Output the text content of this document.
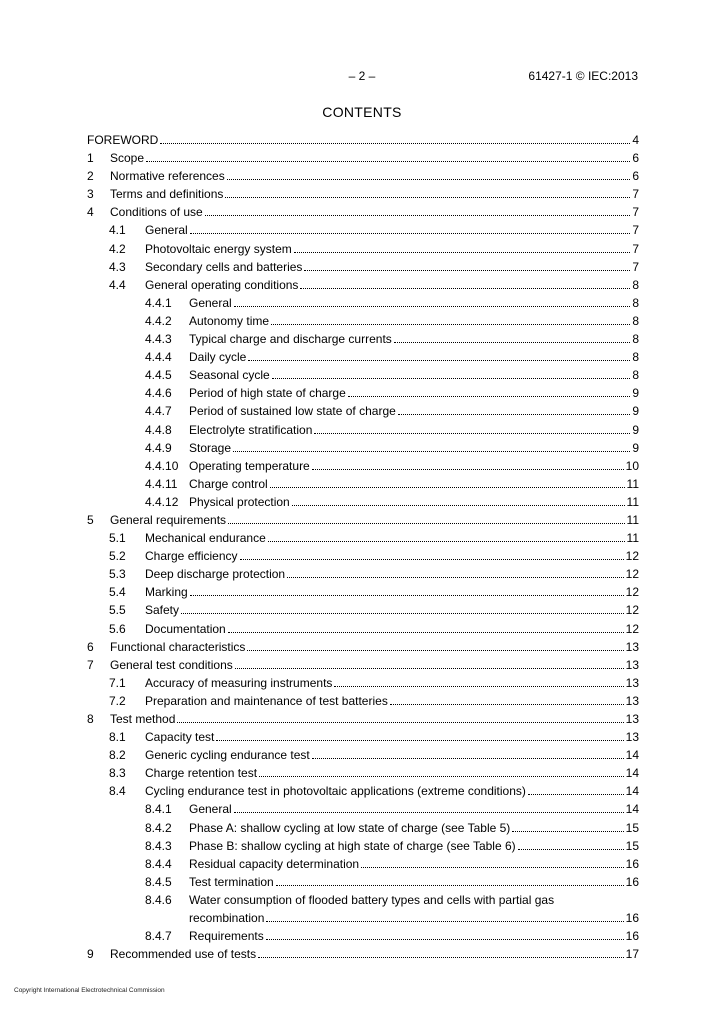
– 2 –	61427-1 © IEC:2013
CONTENTS
FOREWORD	4
1 Scope	6
2 Normative references	6
3 Terms and definitions	7
4 Conditions of use	7
4.1 General	7
4.2 Photovoltaic energy system	7
4.3 Secondary cells and batteries	7
4.4 General operating conditions	8
4.4.1 General	8
4.4.2 Autonomy time	8
4.4.3 Typical charge and discharge currents	8
4.4.4 Daily cycle	8
4.4.5 Seasonal cycle	8
4.4.6 Period of high state of charge	9
4.4.7 Period of sustained low state of charge	9
4.4.8 Electrolyte stratification	9
4.4.9 Storage	9
4.4.10 Operating temperature	10
4.4.11 Charge control	11
4.4.12 Physical protection	11
5 General requirements	11
5.1 Mechanical endurance	11
5.2 Charge efficiency	12
5.3 Deep discharge protection	12
5.4 Marking	12
5.5 Safety	12
5.6 Documentation	12
6 Functional characteristics	13
7 General test conditions	13
7.1 Accuracy of measuring instruments	13
7.2 Preparation and maintenance of test batteries	13
8 Test method	13
8.1 Capacity test	13
8.2 Generic cycling endurance test	14
8.3 Charge retention test	14
8.4 Cycling endurance test in photovoltaic applications (extreme conditions)	14
8.4.1 General	14
8.4.2 Phase A: shallow cycling at low state of charge (see Table 5)	15
8.4.3 Phase B: shallow cycling at high state of charge (see Table 6)	15
8.4.4 Residual capacity determination	16
8.4.5 Test termination	16
8.4.6 Water consumption of flooded battery types and cells with partial gas
recombination	16
8.4.7 Requirements	16
9 Recommended use of tests	17
Copyright International Electrotechnical Commission
